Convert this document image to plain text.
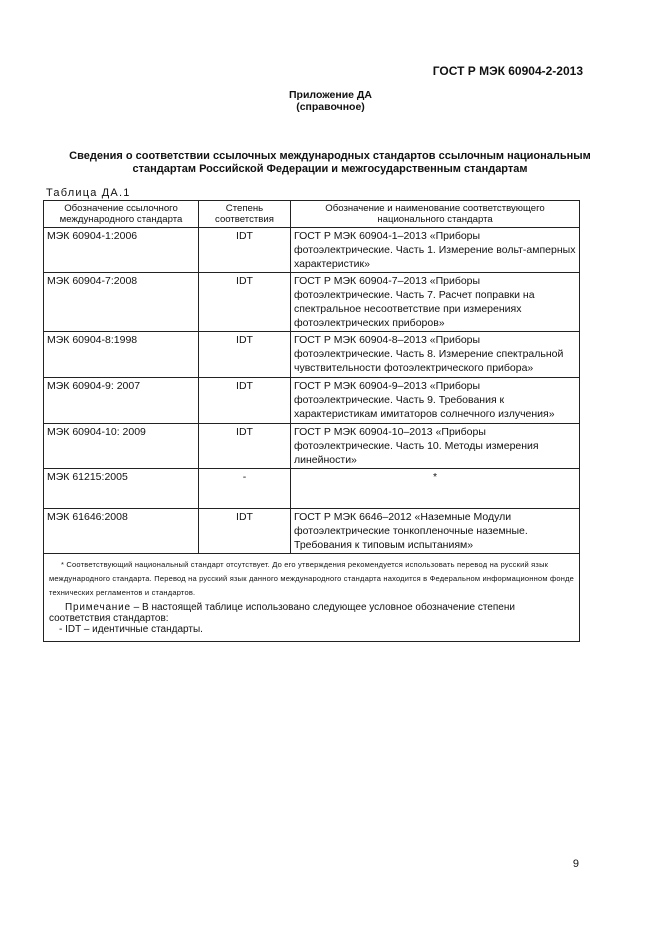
ГОСТ Р МЭК 60904-2-2013
Приложение ДА
(справочное)
Сведения о соответствии ссылочных международных стандартов ссылочным национальным
стандартам Российской Федерации и межгосударственным стандартам
Таблица ДА.1
Обозначение ссылочного международного стандарта	Степень соответствия	Обозначение и наименование соответствующего национального стандарта
МЭК 60904-1:2006	IDT	ГОСТ Р МЭК 60904-1–2013 «Приборы фотоэлектрические. Часть 1. Измерение вольт-амперных характеристик»
МЭК 60904-7:2008	IDT	ГОСТ Р МЭК 60904-7–2013 «Приборы фотоэлектрические. Часть 7. Расчет поправки на спектральное несоответствие при измерениях фотоэлектрических приборов»
МЭК 60904-8:1998	IDT	ГОСТ Р МЭК 60904-8–2013 «Приборы фотоэлектрические. Часть 8. Измерение спектральной чувствительности фотоэлектрического прибора»
МЭК 60904-9: 2007	IDT	ГОСТ Р МЭК 60904-9–2013 «Приборы фотоэлектрические. Часть 9. Требования к характеристикам имитаторов солнечного излучения»
МЭК 60904-10: 2009	IDT	ГОСТ Р МЭК 60904-10–2013 «Приборы фотоэлектрические. Часть 10. Методы измерения линейности»
МЭК 61215:2005	-	*
МЭК 61646:2008	IDT	ГОСТ Р МЭК 6646–2012 «Наземные Модули фотоэлектрические тонкопленочные наземные. Требования к типовым испытаниям»

* Соответствующий национальный стандарт отсутствует. До его утверждения рекомендуется использовать перевод на русский язык международного стандарта. Перевод на русский язык данного международного стандарта находится в Федеральном информационном фонде технических регламентов и стандартов.

Примечание – В настоящей таблице использовано следующее условное обозначение степени соответствия стандартов:

- IDT – идентичные стандарты.		

9
